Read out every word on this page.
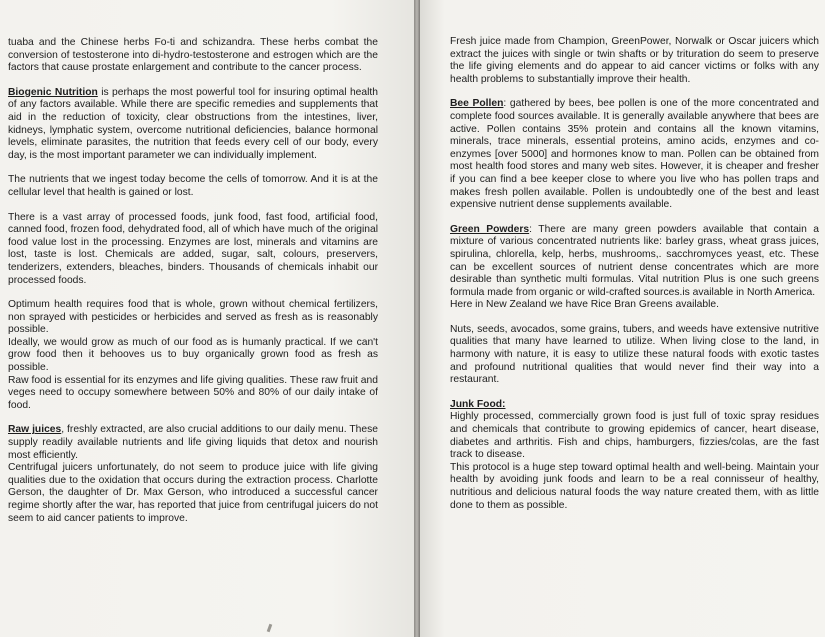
tuaba and the Chinese herbs Fo-ti and schizandra. These herbs combat the conversion of testosterone into di-hydro-testosterone and estrogen which are the factors that cause prostate enlargement and contribute to the cancer process.

Biogenic Nutrition is perhaps the most powerful tool for insuring optimal health of any factors available. While there are specific remedies and supplements that aid in the reduction of toxicity, clear obstructions from the intestines, liver, kidneys, lymphatic system, overcome nutritional deficiencies, balance hormonal levels, eliminate parasites, the nutrition that feeds every cell of our body, every day, is the most important parameter we can individually implement.

The nutrients that we ingest today become the cells of tomorrow. And it is at the cellular level that health is gained or lost.

There is a vast array of processed foods, junk food, fast food, artificial food, canned food, frozen food, dehydrated food, all of which have much of the original food value lost in the processing. Enzymes are lost, minerals and vitamins are lost, taste is lost. Chemicals are added, sugar, salt, colours, preservers, tenderizers, extenders, bleaches, binders. Thousands of chemicals inhabit our processed foods.

Optimum health requires food that is whole, grown without chemical fertilizers, non sprayed with pesticides or herbicides and served as fresh as is reasonably possible.

Ideally, we would grow as much of our food as is humanly practical. If we can't grow food then it behooves us to buy organically grown food as fresh as possible.

Raw food is essential for its enzymes and life giving qualities. These raw fruit and veges need to occupy somewhere between 50% and 80% of our daily intake of food.

Raw juices, freshly extracted, are also crucial additions to our daily menu. These supply readily available nutrients and life giving liquids that detox and nourish most efficiently.

Centrifugal juicers unfortunately, do not seem to produce juice with life giving qualities due to the oxidation that occurs during the extraction process. Charlotte Gerson, the daughter of Dr. Max Gerson, who introduced a successful cancer regime shortly after the war, has reported that juice from centrifugal juicers do not seem to aid cancer patients to improve.

Fresh juice made from Champion, GreenPower, Norwalk or Oscar juicers which extract the juices with single or twin shafts or by trituration do seem to preserve the life giving elements and do appear to aid cancer victims or folks with any health problems to substantially improve their health.

Bee Pollen: gathered by bees, bee pollen is one of the more concentrated and complete food sources available. It is generally available anywhere that bees are active. Pollen contains 35% protein and contains all the known vitamins, minerals, trace minerals, essential proteins, amino acids, enzymes and co-enzymes [over 5000] and hormones know to man. Pollen can be obtained from most health food stores and many web sites. However, it is cheaper and fresher if you can find a bee keeper close to where you live who has pollen traps and makes fresh pollen available. Pollen is undoubtedly one of the best and least expensive nutrient dense supplements available.

Green Powders: There are many green powders available that contain a mixture of various concentrated nutrients like: barley grass, wheat grass juices, spirulina, chlorella, kelp, herbs, mushrooms,. sacchromyces yeast, etc. These can be excellent sources of nutrient dense concentrates which are more desirable than synthetic multi formulas. Vital nutrition Plus is one such greens formula made from organic or wild-crafted sources.is available in North America.

Here in New Zealand we have Rice Bran Greens available.

Nuts, seeds, avocados, some grains, tubers, and weeds have extensive nutritive qualities that many have learned to utilize. When living close to the land, in harmony with nature, it is easy to utilize these natural foods with exotic tastes and profound nutritional qualities that would never find their way into a restaurant.

Junk Food:

Highly processed, commercially grown food is just full of toxic spray residues and chemicals that contribute to growing epidemics of cancer, heart disease, diabetes and arthritis. Fish and chips, hamburgers, fizzies/colas, are the fast track to disease.

This protocol is a huge step toward optimal health and well-being. Maintain your health by avoiding junk foods and learn to be a real connisseur of healthy, nutritious and delicious natural foods the way nature created them, with as little done to them as possible.
